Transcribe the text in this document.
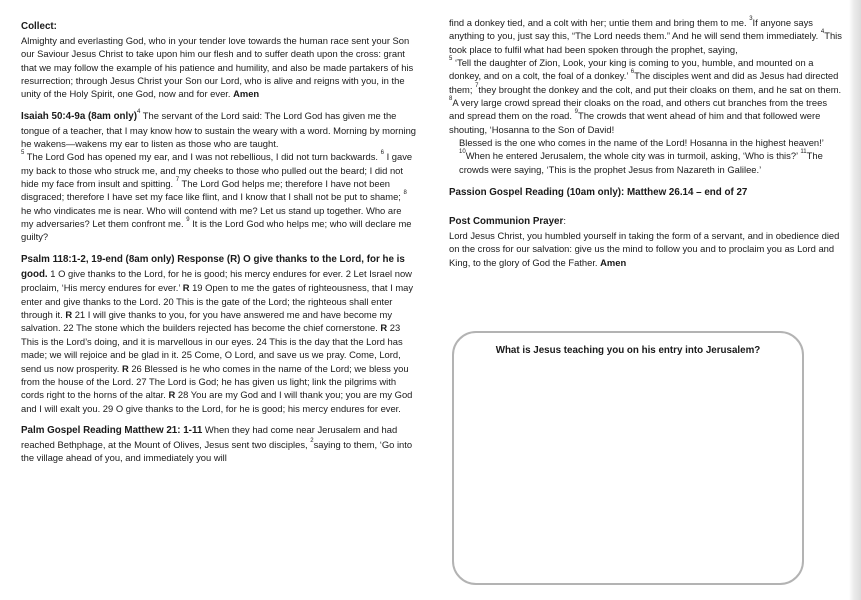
Collect:

Almighty and everlasting God, who in your tender love towards the human race sent your Son our Saviour Jesus Christ to take upon him our flesh and to suffer death upon the cross: grant that we may follow the example of his patience and humility, and also be made partakers of his resurrection; through Jesus Christ your Son our Lord, who is alive and reigns with you, in the unity of the Holy Spirit, one God, now and for ever. Amen

Isaiah 50:4-9a (8am only)$^4$ The servant of the Lord said: The Lord God has given me the tongue of a teacher, that I may know how to sustain the weary with a word. Morning by morning he wakens—wakens my ear to listen as those who are taught.
$^5$ The Lord God has opened my ear, and I was not rebellious, I did not turn backwards. $^6$ I gave my back to those who struck me, and my cheeks to those who pulled out the beard; I did not hide my face from insult and spitting. $^7$ The Lord God helps me; therefore I have not been disgraced; therefore I have set my face like flint, and I know that I shall not be put to shame; $^8$ he who vindicates me is near. Who will contend with me? Let us stand up together. Who are my adversaries? Let them confront me. $^9$ It is the Lord God who helps me; who will declare me guilty?

Psalm 118:1-2, 19-end (8am only) Response (R) O give thanks to the Lord, for he is good. 1 O give thanks to the Lord, for he is good; his mercy endures for ever. 2 Let Israel now proclaim, ‘His mercy endures for ever.’ R 19 Open to me the gates of righteousness, that I may enter and give thanks to the Lord. 20 This is the gate of the Lord; the righteous shall enter through it. R 21 I will give thanks to you, for you have answered me and have become my salvation. 22 The stone which the builders rejected has become the chief cornerstone. R 23 This is the Lord’s doing, and it is marvellous in our eyes. 24 This is the day that the Lord has made; we will rejoice and be glad in it. 25 Come, O Lord, and save us we pray. Come, Lord, send us now prosperity. R 26 Blessed is he who comes in the name of the Lord; we bless you from the house of the Lord. 27 The Lord is God; he has given us light; link the pilgrims with cords right to the horns of the altar. R 28 You are my God and I will thank you; you are my God and I will exalt you. 29 O give thanks to the Lord, for he is good; his mercy endures for ever.

Palm Gospel Reading Matthew 21: 1-11 When they had come near Jerusalem and had reached Bethphage, at the Mount of Olives, Jesus sent two disciples, $^2$saying to them, ‘Go into the village ahead of you, and immediately you will

find a donkey tied, and a colt with her; untie them and bring them to me. $^3$If anyone says anything to you, just say this, “The Lord needs them.” And he will send them immediately. $^4$This took place to fulfil what had been spoken through the prophet, saying,
$^5$ ‘Tell the daughter of Zion, Look, your king is coming to you, humble, and mounted on a donkey, and on a colt, the foal of a donkey.’ $^6$The disciples went and did as Jesus had directed them; $^7$they brought the donkey and the colt, and put their cloaks on them, and he sat on them. $^8$A very large crowd spread their cloaks on the road, and others cut branches from the trees and spread them on the road. $^9$The crowds that went ahead of him and that followed were shouting, ‘Hosanna to the Son of David!

Blessed is the one who comes in the name of the Lord! Hosanna in the highest heaven!’ $^{10}$When he entered Jerusalem, the whole city was in turmoil, asking, ‘Who is this?’ $^{11}$The crowds were saying, ‘This is the prophet Jesus from Nazareth in Galilee.’

Passion Gospel Reading (10am only): Matthew 26.14 – end of 27
Post Communion Prayer:

Lord Jesus Christ, you humbled yourself in taking the form of a servant, and in obedience died on the cross for our salvation: give us the mind to follow you and to proclaim you as Lord and King, to the glory of God the Father. Amen

What is Jesus teaching you on his entry into Jerusalem?
